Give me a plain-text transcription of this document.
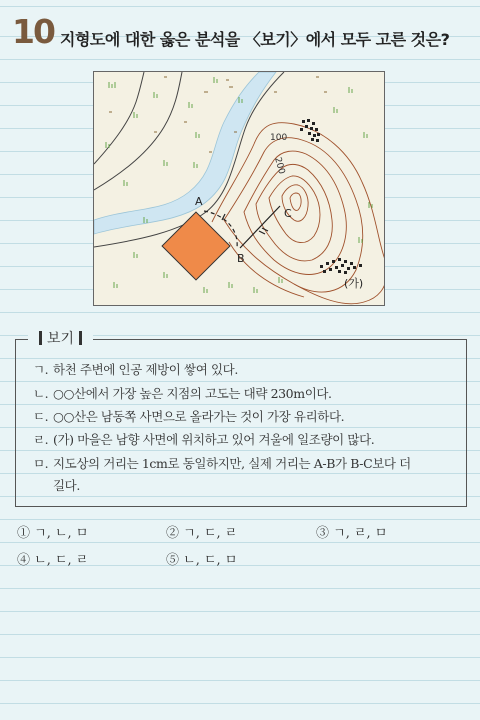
10 지형도에 대한 옳은 분석을 〈보기〉에서 모두 고른 것은?
100
200
A
B
C
(가)
보기
ㄱ. 하천 주변에 인공 제방이 쌓여 있다.
ㄴ. ○○산에서 가장 높은 지점의 고도는 대략 230m이다.
ㄷ. ○○산은 남동쪽 사면으로 올라가는 것이 가장 유리하다.
ㄹ. (가) 마을은 남향 사면에 위치하고 있어 겨울에 일조량이 많다.
ㅁ. 지도상의 거리는 1cm로 동일하지만, 실제 거리는 A-B가 B-C보다 더
길다.
① ㄱ, ㄴ, ㅁ	② ㄱ, ㄷ, ㄹ	③ ㄱ, ㄹ, ㅁ
④ ㄴ, ㄷ, ㄹ	⑤ ㄴ, ㄷ, ㅁ
